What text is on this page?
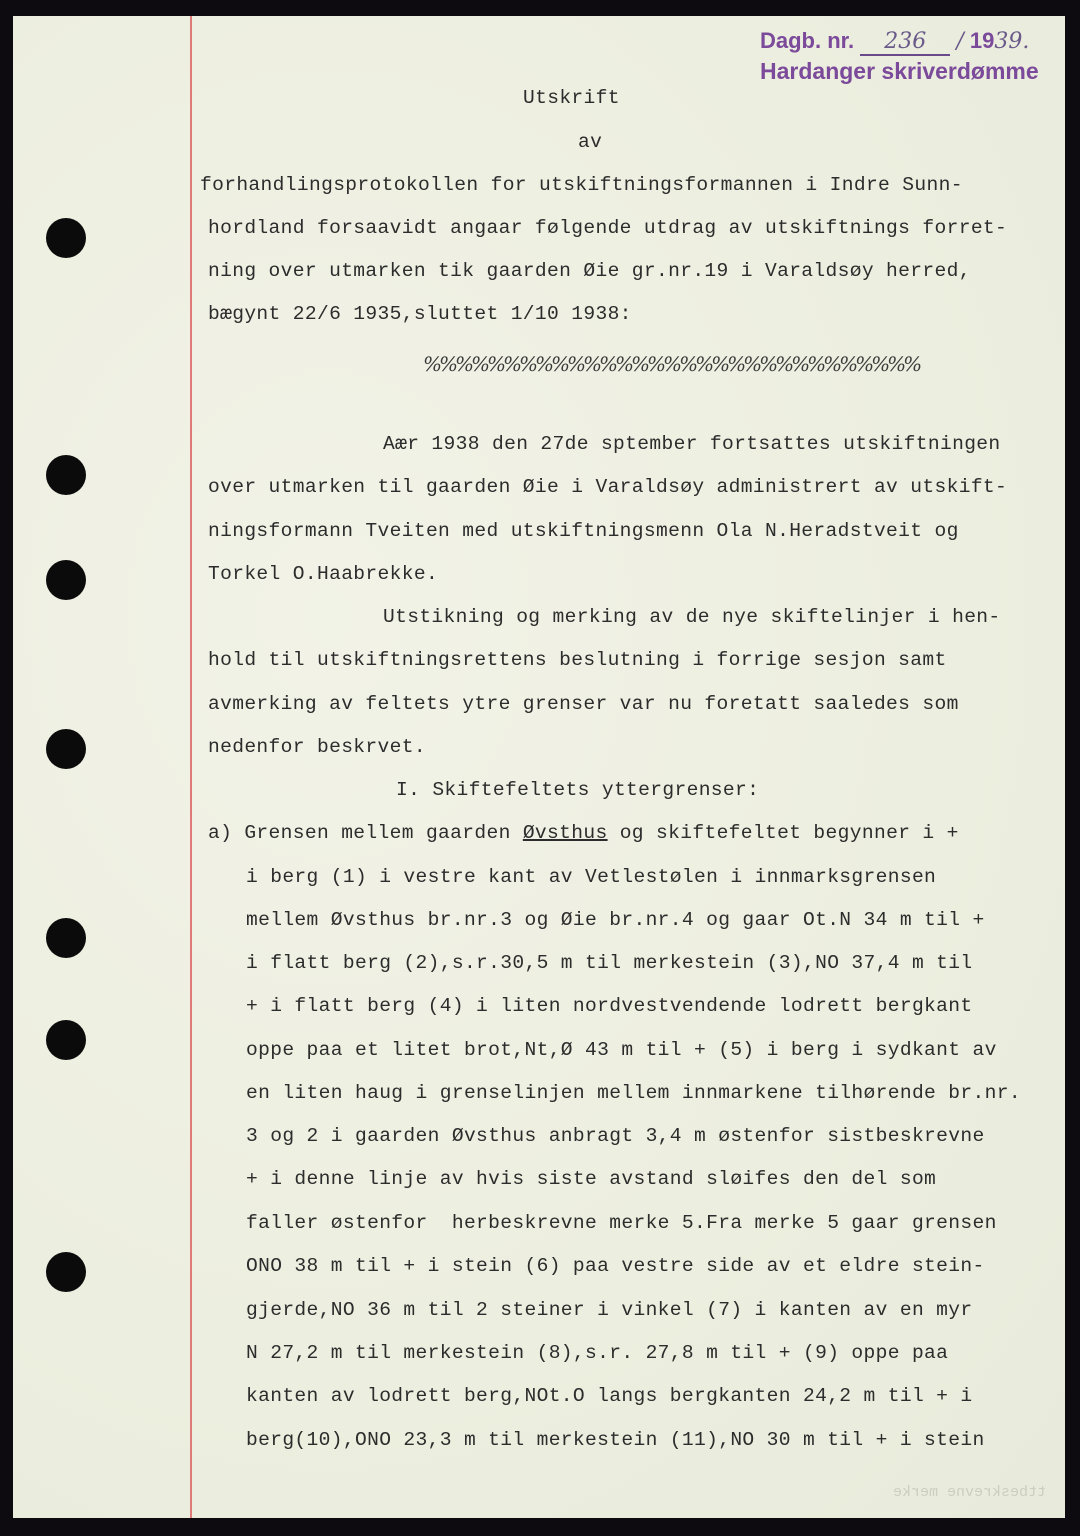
Dagb. nr. 236 / 1939.
Hardanger skriverdømme
Utskrift
av
forhandlingsprotokollen for utskiftningsformannen i Indre Sunn-
hordland forsaavidt angaar følgende utdrag av utskiftnings forret-
ning over utmarken tik gaarden Øie gr.nr.19 i Varaldsøy herred,
bægynt 22/6 1935,sluttet 1/10 1938:
%%%%%%%%%%%%%%%%%%%%%%%%%%%%%%%
Aær 1938 den 27de sptember fortsattes utskiftningen
over utmarken til gaarden Øie i Varaldsøy administrert av utskift-
ningsformann Tveiten med utskiftningsmenn Ola N.Heradstveit og
Torkel O.Haabrekke.
Utstikning og merking av de nye skiftelinjer i hen-
hold til utskiftningsrettens beslutning i forrige sesjon samt
avmerking av feltets ytre grenser var nu foretatt saaledes som
nedenfor beskrvet.
I. Skiftefeltets yttergrenser:
a) Grensen mellem gaarden Øvsthus og skiftefeltet begynner i +
i berg (1) i vestre kant av Vetlestølen i innmarksgrensen
mellem Øvsthus br.nr.3 og Øie br.nr.4 og gaar Ot.N 34 m til +
i flatt berg (2),s.r.30,5 m til merkestein (3),NO 37,4 m til
+ i flatt berg (4) i liten nordvestvendende lodrett bergkant
oppe paa et litet brot,Nt,Ø 43 m til + (5) i berg i sydkant av
en liten haug i grenselinjen mellem innmarkene tilhørende br.nr.
3 og 2 i gaarden Øvsthus anbragt 3,4 m østenfor sistbeskrevne
+ i denne linje av hvis siste avstand sløifes den del som
faller østenfor  herbeskrevne merke 5.Fra merke 5 gaar grensen
ONO 38 m til + i stein (6) paa vestre side av et eldre stein-
gjerde,NO 36 m til 2 steiner i vinkel (7) i kanten av en myr
N 27,2 m til merkestein (8),s.r. 27,8 m til + (9) oppe paa
kanten av lodrett berg,NOt.O langs bergkanten 24,2 m til + i
berg(10),ONO 23,3 m til merkestein (11),NO 30 m til + i stein
ttbeskrevne merke
